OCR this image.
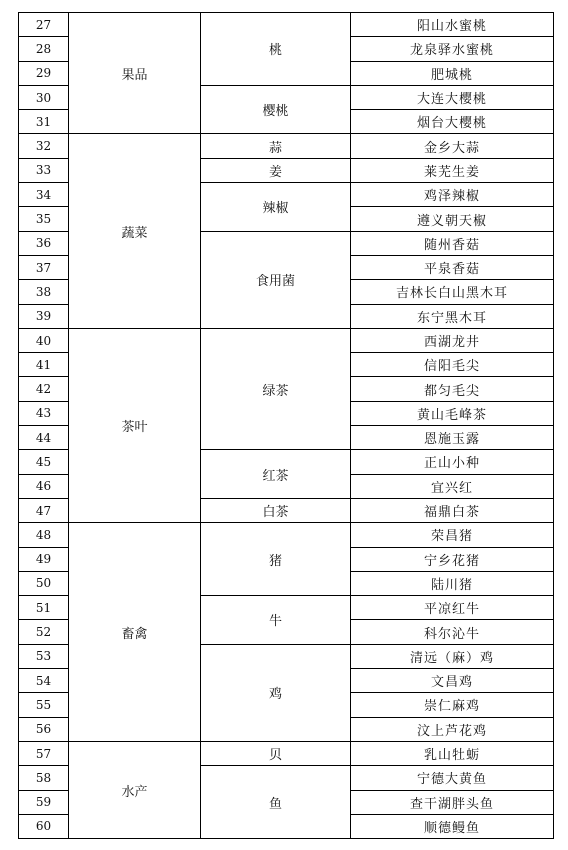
27	果品	桃	阳山水蜜桃
28			龙泉驿水蜜桃
29			肥城桃
30		樱桃	大连大樱桃
31			烟台大樱桃
32	蔬菜	蒜	金乡大蒜
33		姜	莱芜生姜
34		辣椒	鸡泽辣椒
35			遵义朝天椒
36		食用菌	随州香菇
37			平泉香菇
38			吉林长白山黑木耳
39			东宁黑木耳
40	茶叶	绿茶	西湖龙井
41			信阳毛尖
42			都匀毛尖
43			黄山毛峰茶
44			恩施玉露
45		红茶	正山小种
46			宜兴红
47		白茶	福鼎白茶
48	畜禽	猪	荣昌猪
49			宁乡花猪
50			陆川猪
51		牛	平凉红牛
52			科尔沁牛
53		鸡	清远（麻）鸡
54			文昌鸡
55			崇仁麻鸡
56			汶上芦花鸡
57	水产	贝	乳山牡蛎
58		鱼	宁德大黄鱼
59			查干湖胖头鱼
60			顺德鳗鱼
